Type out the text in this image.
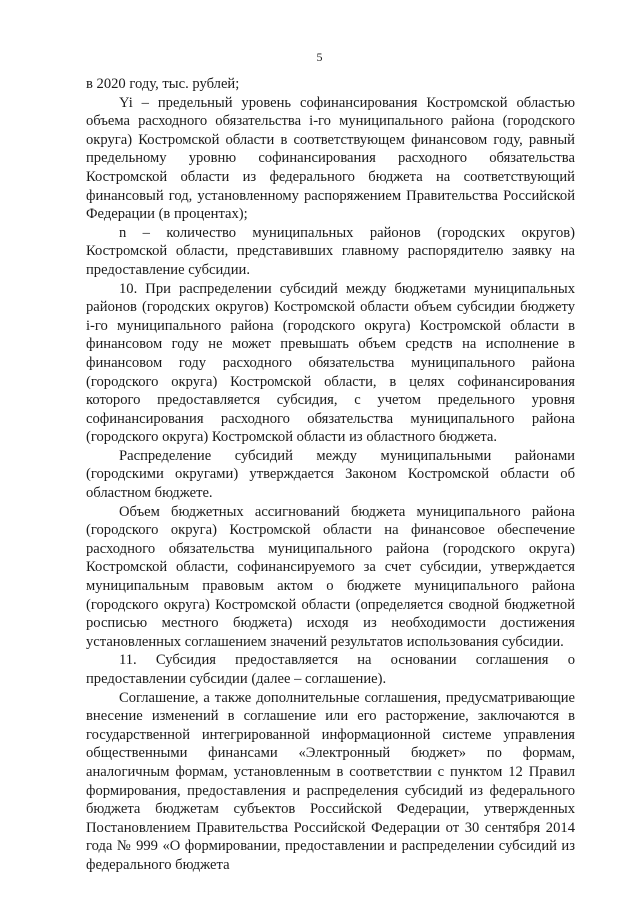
5

в 2020 году, тыс. рублей;

Yi – предельный уровень софинансирования Костромской областью объема расходного обязательства i-го муниципального района (городского округа) Костромской области в соответствующем финансовом году, равный предельному уровню софинансирования расходного обязательства Костромской области из федерального бюджета на соответствующий финансовый год, установленному распоряжением Правительства Российской Федерации (в процентах);

n – количество муниципальных районов (городских округов) Костромской области, представивших главному распорядителю заявку на предоставление субсидии.

10. При распределении субсидий между бюджетами муниципальных районов (городских округов) Костромской области объем субсидии бюджету i-го муниципального района (городского округа) Костромской области в финансовом году не может превышать объем средств на исполнение в финансовом году расходного обязательства муниципального района (городского округа) Костромской области, в целях софинансирования которого предоставляется субсидия, с учетом предельного уровня софинансирования расходного обязательства муниципального района (городского округа) Костромской области из областного бюджета.

Распределение субсидий между муниципальными районами (городскими округами) утверждается Законом Костромской области об областном бюджете.

Объем бюджетных ассигнований бюджета муниципального района (городского округа) Костромской области на финансовое обеспечение расходного обязательства муниципального района (городского округа) Костромской области, софинансируемого за счет субсидии, утверждается муниципальным правовым актом о бюджете муниципального района (городского округа) Костромской области (определяется сводной бюджетной росписью местного бюджета) исходя из необходимости достижения установленных соглашением значений результатов использования субсидии.

11. Субсидия предоставляется на основании соглашения о предоставлении субсидии (далее – соглашение).

Соглашение, а также дополнительные соглашения, предусматривающие внесение изменений в соглашение или его расторжение, заключаются в государственной интегрированной информационной системе управления общественными финансами «Электронный бюджет» по формам, аналогичным формам, установленным в соответствии с пунктом 12 Правил формирования, предоставления и распределения субсидий из федерального бюджета бюджетам субъектов Российской Федерации, утвержденных Постановлением Правительства Российской Федерации от 30 сентября 2014 года № 999 «О формировании, предоставлении и распределении субсидий из федерального бюджета
